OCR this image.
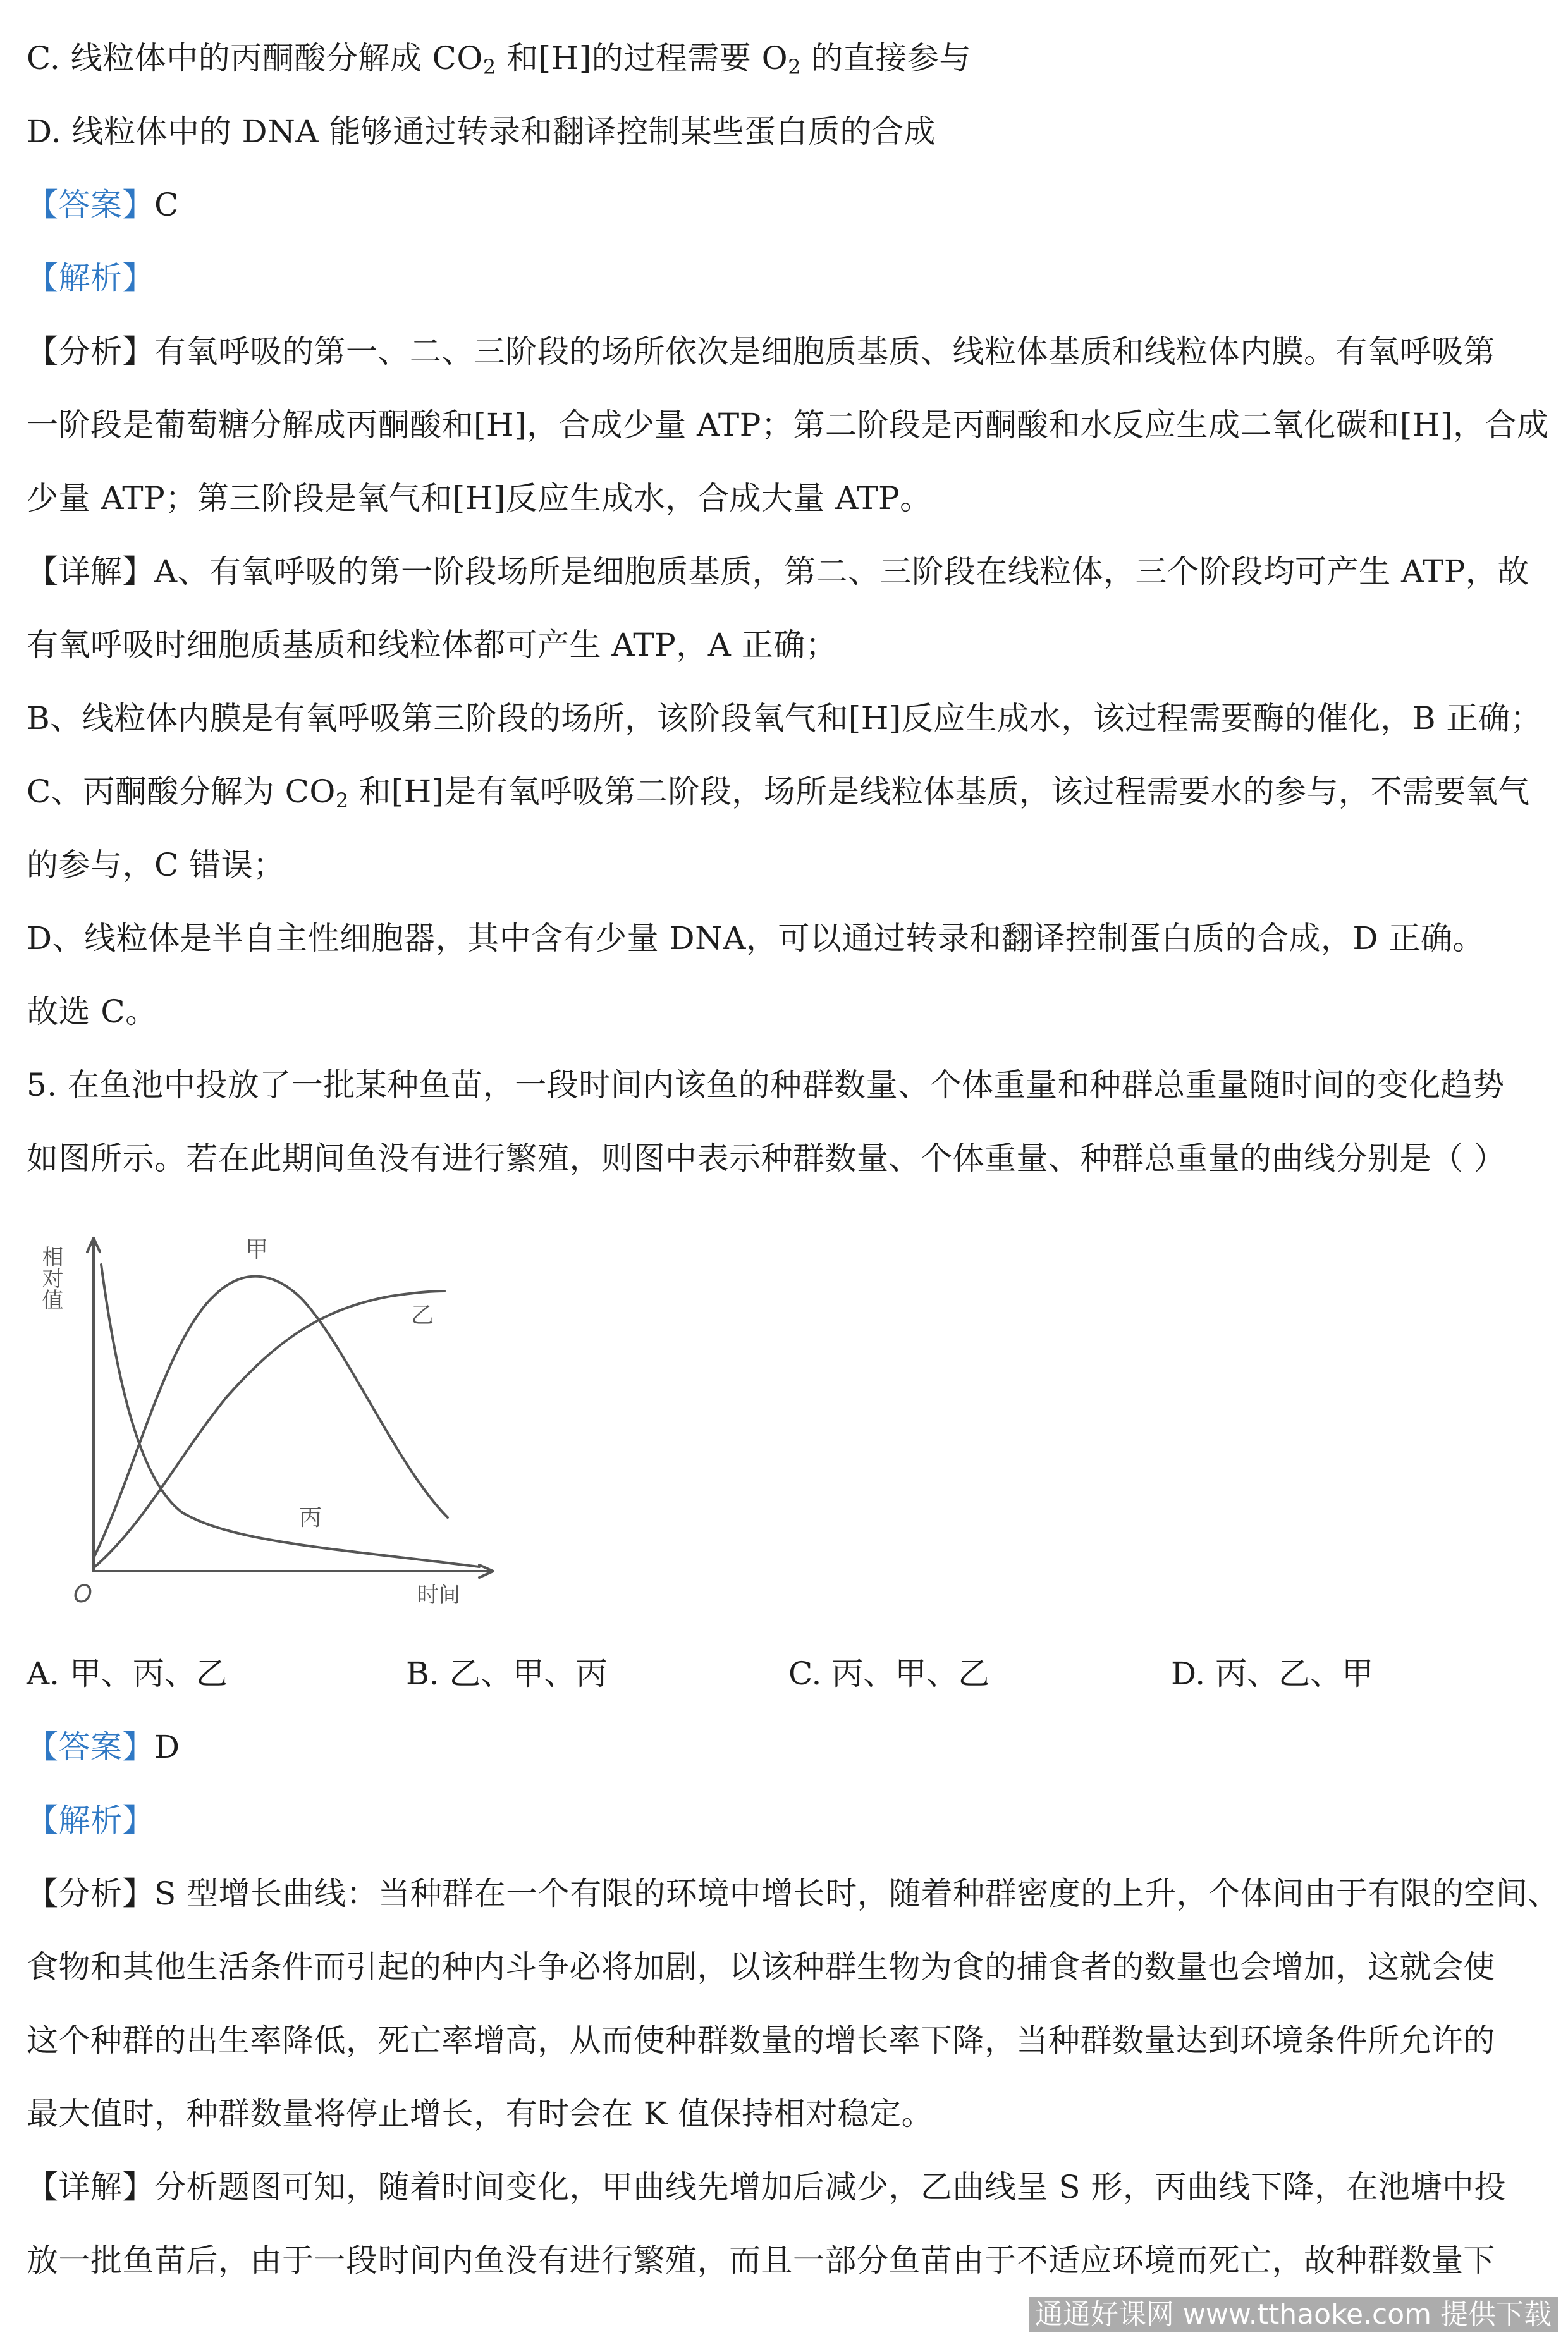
C. 线粒体中的丙酮酸分解成 $CO_2$ 和[H]的过程需要 $O_2$ 的直接参与
D. 线粒体中的 DNA 能够通过转录和翻译控制某些蛋白质的合成
【答案】C
【解析】
【分析】有氧呼吸的第一、二、三阶段的场所依次是细胞质基质、线粒体基质和线粒体内膜。有氧呼吸第
一阶段是葡萄糖分解成丙酮酸和[H]，合成少量 ATP；第二阶段是丙酮酸和水反应生成二氧化碳和[H]，合成
少量 ATP；第三阶段是氧气和[H]反应生成水，合成大量 ATP。
【详解】A、有氧呼吸的第一阶段场所是细胞质基质，第二、三阶段在线粒体，三个阶段均可产生 ATP，故
有氧呼吸时细胞质基质和线粒体都可产生 ATP，A 正确；
B、线粒体内膜是有氧呼吸第三阶段的场所，该阶段氧气和[H]反应生成水，该过程需要酶的催化，B 正确；
C、丙酮酸分解为 $CO_2$ 和[H]是有氧呼吸第二阶段，场所是线粒体基质，该过程需要水的参与，不需要氧气
的参与，C 错误；
D、线粒体是半自主性细胞器，其中含有少量 DNA，可以通过转录和翻译控制蛋白质的合成，D 正确。
故选 C。
5. 在鱼池中投放了一批某种鱼苗，一段时间内该鱼的种群数量、个体重量和种群总重量随时间的变化趋势
如图所示。若在此期间鱼没有进行繁殖，则图中表示种群数量、个体重量、种群总重量的曲线分别是（ ）
相对值
O	时间
甲
乙
丙
A. 甲、丙、乙	B. 乙、甲、丙	C. 丙、甲、乙	D. 丙、乙、甲
【答案】D
【解析】
【分析】S 型增长曲线：当种群在一个有限的环境中增长时，随着种群密度的上升，个体间由于有限的空间、
食物和其他生活条件而引起的种内斗争必将加剧，以该种群生物为食的捕食者的数量也会增加，这就会使
这个种群的出生率降低，死亡率增高，从而使种群数量的增长率下降，当种群数量达到环境条件所允许的
最大值时，种群数量将停止增长，有时会在 K 值保持相对稳定。
【详解】分析题图可知，随着时间变化，甲曲线先增加后减少，乙曲线呈 S 形，丙曲线下降，在池塘中投
放一批鱼苗后，由于一段时间内鱼没有进行繁殖，而且一部分鱼苗由于不适应环境而死亡，故种群数量下
通通好课网 www.tthaoke.com 提供下载
